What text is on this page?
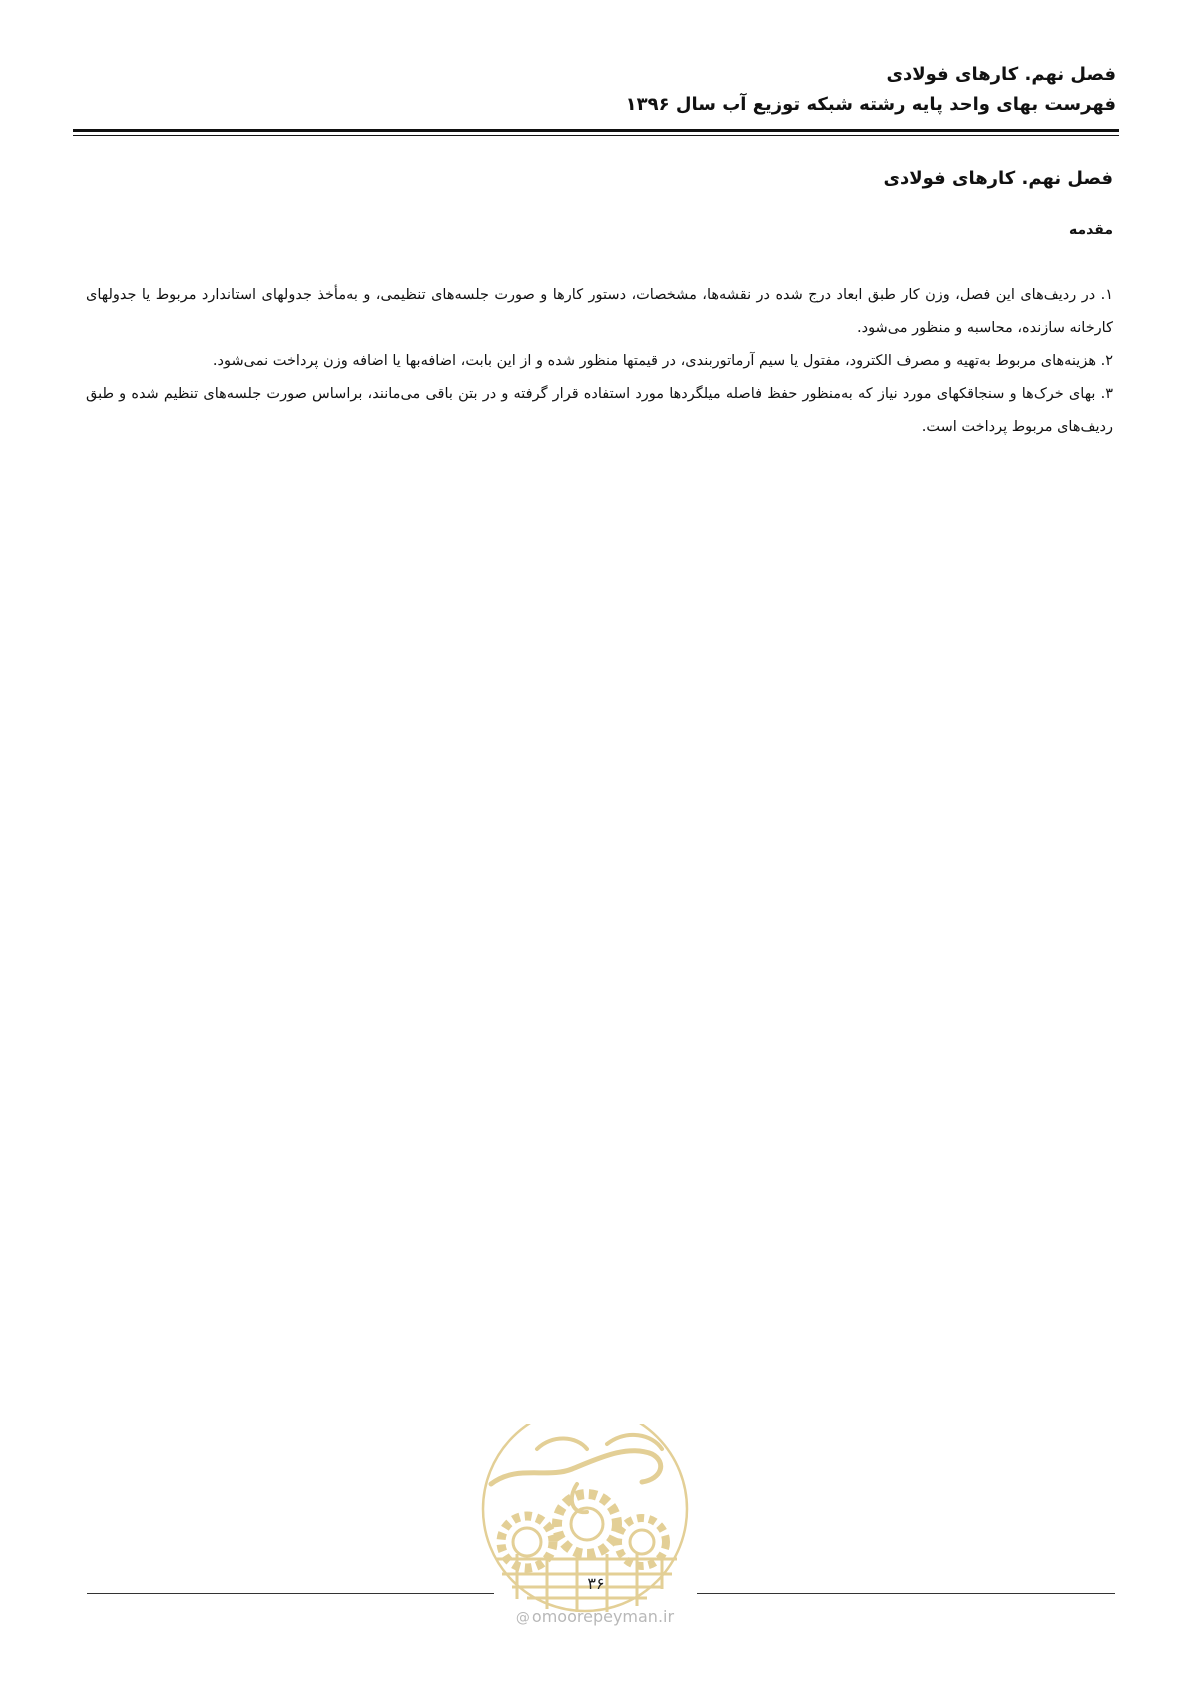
فصل نهم. کارهای فولادی
فهرست بهای واحد پایه رشته شبکه توزیع آب سال ۱۳۹۶
فصل نهم. کارهای فولادی
مقدمه

۱. در ردیف‌های این فصل، وزن کار طبق ابعاد درج شده در نقشه‌ها، مشخصات، دستور کارها و صورت جلسه‌های تنظیمی، و به‌مأخذ جدولهای استاندارد مربوط یا جدولهای کارخانه سازنده، محاسبه و منظور می‌شود.

۲. هزینه‌های مربوط به‌تهیه و مصرف الکترود، مفتول یا سیم آرماتوربندی، در قیمتها منظور شده و از این بابت، اضافه‌بها یا اضافه وزن پرداخت نمی‌شود.

۳. بهای خرک‌ها و سنجاقکهای مورد نیاز که به‌منظور حفظ فاصله میلگردها مورد استفاده قرار گرفته و در بتن باقی می‌مانند، براساس صورت جلسه‌های تنظیم شده و طبق ردیف‌های مربوط پرداخت است.

۳۶
@ omoorepeyman.ir
